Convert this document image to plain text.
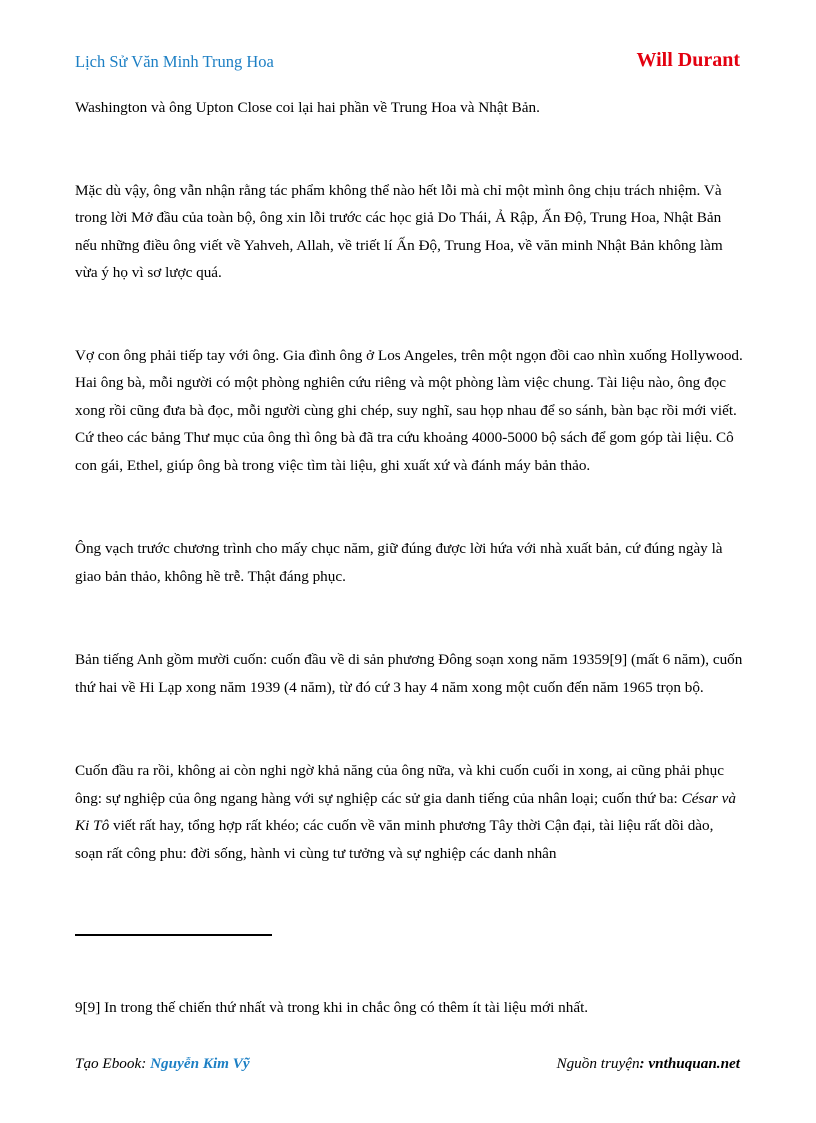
Lịch Sử Văn Minh Trung Hoa	Will Durant

Washington và ông Upton Close coi lại hai phần về Trung Hoa và Nhật Bản.

Mặc dù vậy, ông vẫn nhận rằng tác phẩm không thể nào hết lỗi mà chỉ một mình ông chịu trách nhiệm. Và trong lời Mở đầu của toàn bộ, ông xin lỗi trước các học giả Do Thái, Ả Rập, Ấn Độ, Trung Hoa, Nhật Bản nếu những điều ông viết về Yahveh, Allah, về triết lí Ấn Độ, Trung Hoa, về văn minh Nhật Bản không làm vừa ý họ vì sơ lược quá.

Vợ con ông phải tiếp tay với ông. Gia đình ông ở Los Angeles, trên một ngọn đồi cao nhìn xuống Hollywood. Hai ông bà, mỗi người có một phòng nghiên cứu riêng và một phòng làm việc chung. Tài liệu nào, ông đọc xong rồi cũng đưa bà đọc, mỗi người cùng ghi chép, suy nghĩ, sau họp nhau để so sánh, bàn bạc rồi mới viết. Cứ theo các bảng Thư mục của ông thì ông bà đã tra cứu khoảng 4000-5000 bộ sách để gom góp tài liệu. Cô con gái, Ethel, giúp ông bà trong việc tìm tài liệu, ghi xuất xứ và đánh máy bản thảo.

Ông vạch trước chương trình cho mấy chục năm, giữ đúng được lời hứa với nhà xuất bản, cứ đúng ngày là giao bản thảo, không hề trễ. Thật đáng phục.

Bản tiếng Anh gồm mười cuốn: cuốn đầu về di sản phương Đông soạn xong năm 19359[9] (mất 6 năm), cuốn thứ hai về Hi Lạp xong năm 1939 (4 năm), từ đó cứ 3 hay 4 năm xong một cuốn đến năm 1965 trọn bộ.

Cuốn đầu ra rồi, không ai còn nghi ngờ khả năng của ông nữa, và khi cuốn cuối in xong, ai cũng phải phục ông: sự nghiệp của ông ngang hàng với sự nghiệp các sử gia danh tiếng của nhân loại; cuốn thứ ba: César và Ki Tô viết rất hay, tổng hợp rất khéo; các cuốn về văn minh phương Tây thời Cận đại, tài liệu rất dồi dào, soạn rất công phu: đời sống, hành vi cùng tư tưởng và sự nghiệp các danh nhân

9[9] In trong thế chiến thứ nhất và trong khi in chắc ông có thêm ít tài liệu mới nhất.
Tạo Ebook: Nguyễn Kim Vỹ	Nguồn truyện: vnthuquan.net
